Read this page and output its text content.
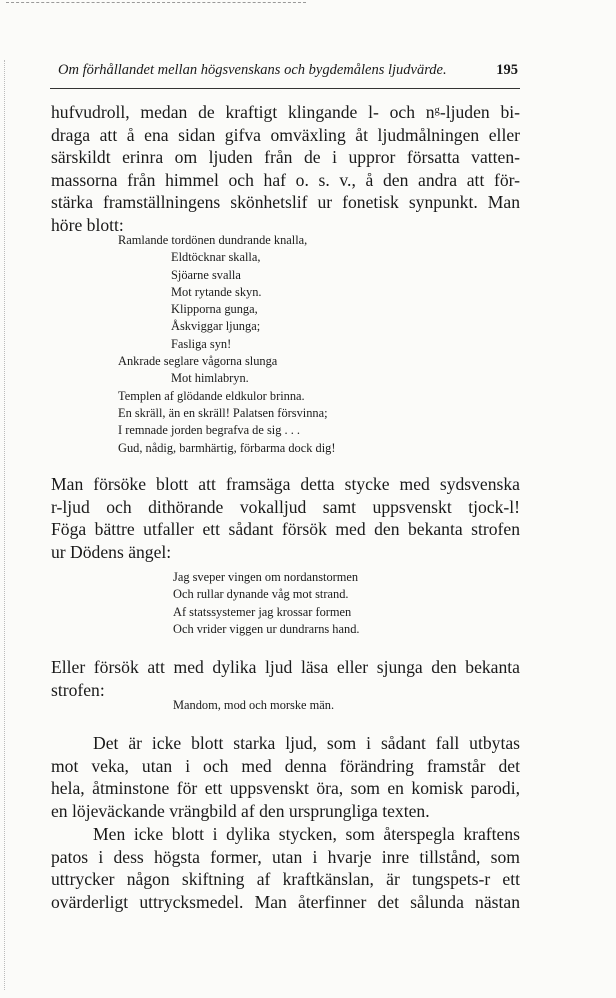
Om förhållandet mellan högsvenskans och bygdemålens ljudvärde.	195
hufvudroll, medan de kraftigt klingande l- och nᵍ-ljuden bi-
draga att å ena sidan gifva omväxling åt ljudmålningen eller
särskildt erinra om ljuden från de i uppror försatta vatten-
massorna från himmel och haf o. s. v., å den andra att för-
stärka framställningens skönhetslif ur fonetisk synpunkt. Man
höre blott:
Ramlande tordönen dundrande knalla,
Eldtöcknar skalla,
Sjöarne svalla
Mot rytande skyn.
Klipporna gunga,
Åskviggar ljunga;
Fasliga syn!
Ankrade seglare vågorna slunga
Mot himlabryn.
Templen af glödande eldkulor brinna.
En skräll, än en skräll! Palatsen försvinna;
I remnade jorden begrafva de sig . . .
Gud, nådig, barmhärtig, förbarma dock dig!
Man försöke blott att framsäga detta stycke med sydsvenska
r-ljud och dithörande vokalljud samt uppsvenskt tjock-l!
Föga bättre utfaller ett sådant försök med den bekanta strofen
ur Dödens ängel:
Jag sveper vingen om nordanstormen
Och rullar dynande våg mot strand.
Af statssystemer jag krossar formen
Och vrider viggen ur dundrarns hand.
Eller försök att med dylika ljud läsa eller sjunga den bekanta
strofen:
Mandom, mod och morske män.
Det är icke blott starka ljud, som i sådant fall utbytas
mot veka, utan i och med denna förändring framstår det
hela, åtminstone för ett uppsvenskt öra, som en komisk parodi,
en löjeväckande vrängbild af den ursprungliga texten.
Men icke blott i dylika stycken, som återspegla kraftens
patos i dess högsta former, utan i hvarje inre tillstånd, som
uttrycker någon skiftning af kraftkänslan, är tungspets-r ett
ovärderligt uttrycksmedel. Man återfinner det sålunda nästan
